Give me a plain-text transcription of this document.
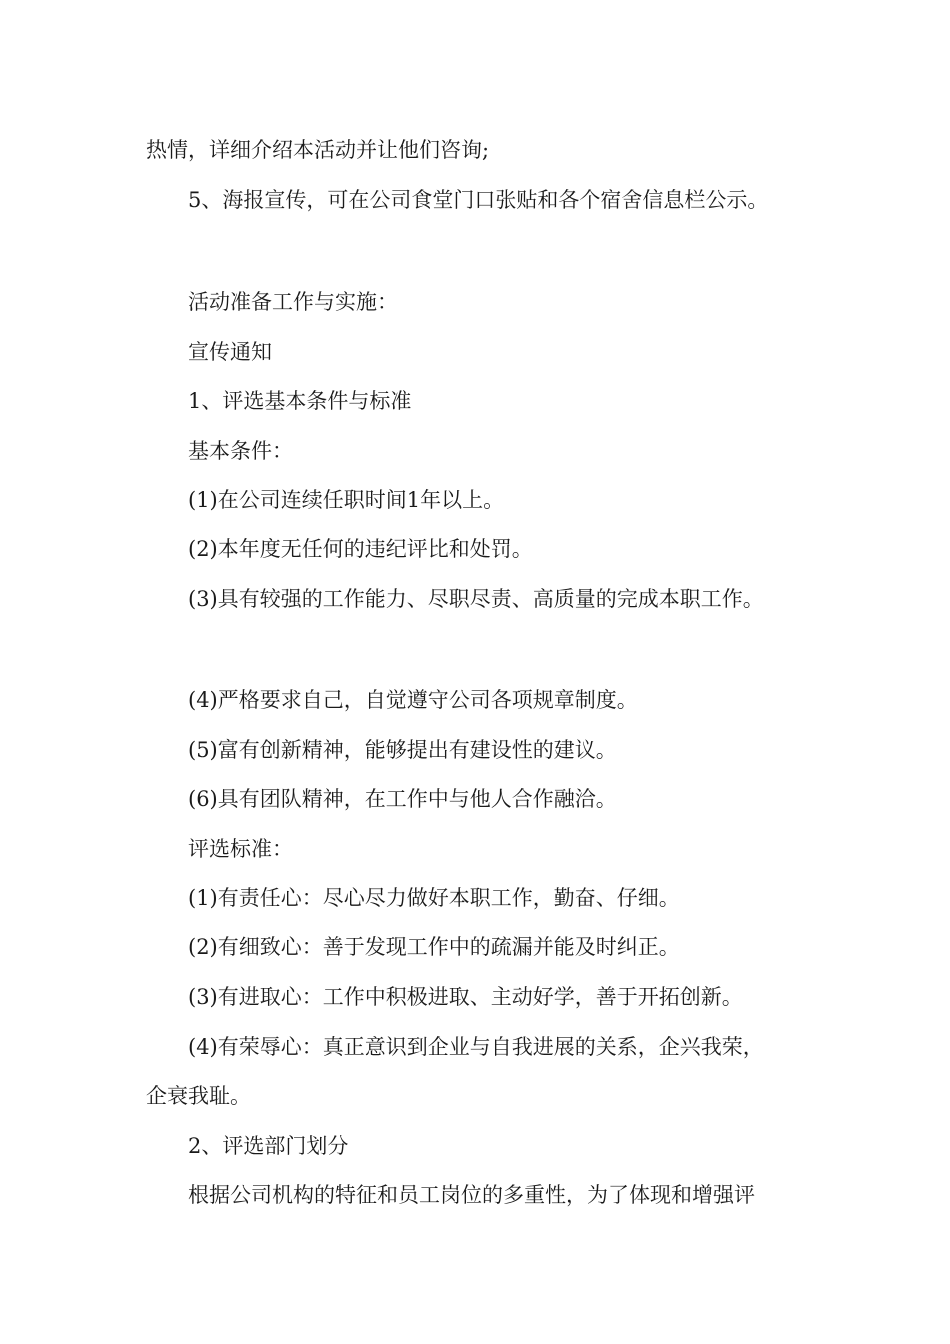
热情，详细介绍本活动并让他们咨询;
5、海报宣传，可在公司食堂门口张贴和各个宿舍信息栏公示。
活动准备工作与实施：
宣传通知
1、评选基本条件与标准
基本条件：
(1)在公司连续任职时间1年以上。
(2)本年度无任何的违纪评比和处罚。
(3)具有较强的工作能力、尽职尽责、高质量的完成本职工作。
(4)严格要求自己，自觉遵守公司各项规章制度。
(5)富有创新精神，能够提出有建设性的建议。
(6)具有团队精神，在工作中与他人合作融洽。
评选标准：
(1)有责任心：尽心尽力做好本职工作，勤奋、仔细。
(2)有细致心：善于发现工作中的疏漏并能及时纠正。
(3)有进取心：工作中积极进取、主动好学，善于开拓创新。
(4)有荣辱心：真正意识到企业与自我进展的关系，企兴我荣，
企衰我耻。
2、评选部门划分
根据公司机构的特征和员工岗位的多重性，为了体现和增强评
